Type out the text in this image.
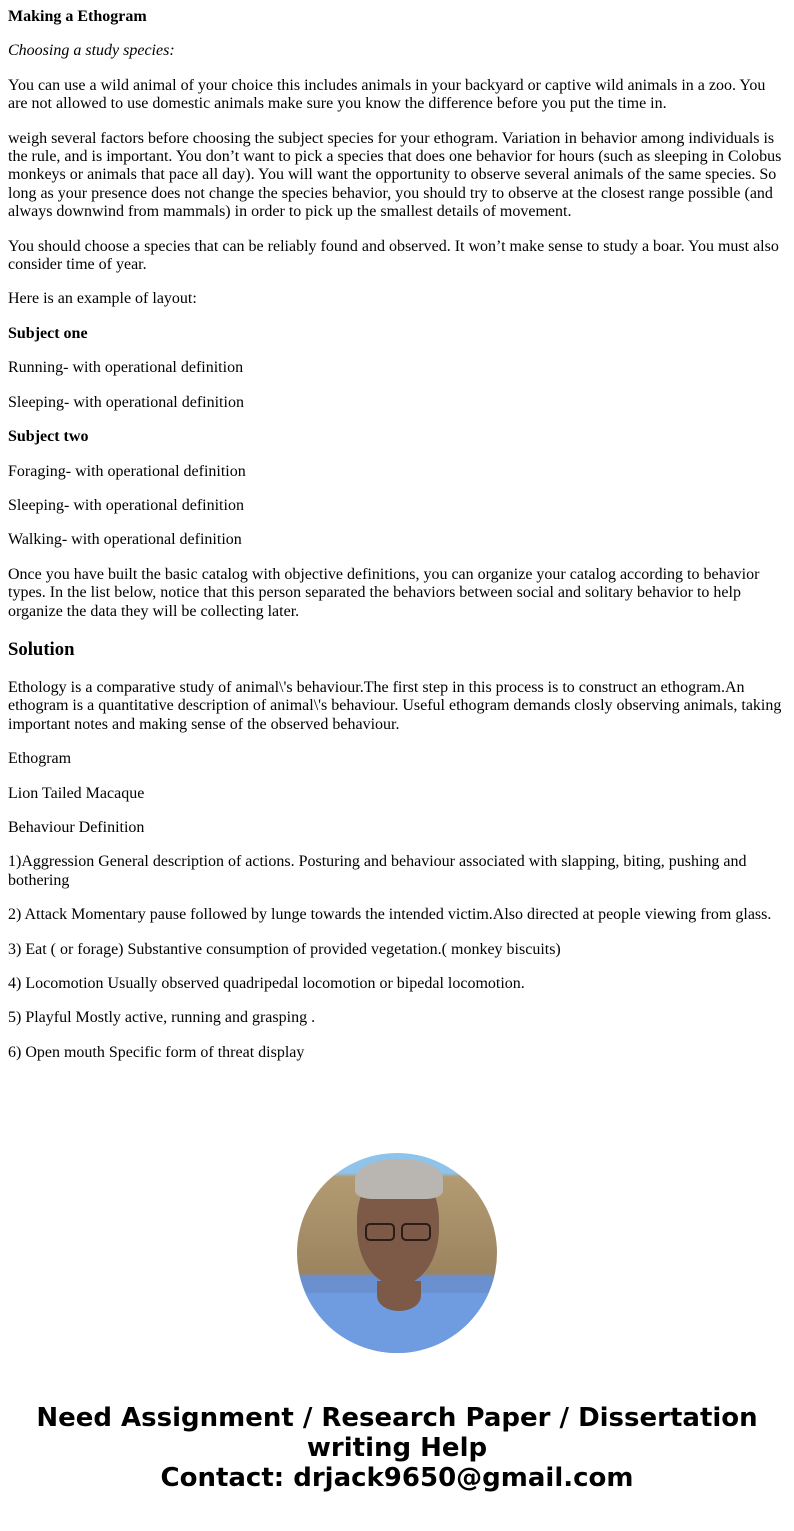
Making a Ethogram

Choosing a study species:

You can use a wild animal of your choice this includes animals in your backyard or captive wild animals in a zoo. You are not allowed to use domestic animals make sure you know the difference before you put the time in.

weigh several factors before choosing the subject species for your ethogram. Variation in behavior among individuals is the rule, and is important. You don’t want to pick a species that does one behavior for hours (such as sleeping in Colobus monkeys or animals that pace all day). You will want the opportunity to observe several animals of the same species. So long as your presence does not change the species behavior, you should try to observe at the closest range possible (and always downwind from mammals) in order to pick up the smallest details of movement.

You should choose a species that can be reliably found and observed. It won’t make sense to study a boar. You must also consider time of year.

Here is an example of layout:

Subject one

Running- with operational definition

Sleeping- with operational definition

Subject two

Foraging- with operational definition

Sleeping- with operational definition

Walking- with operational definition

Once you have built the basic catalog with objective definitions, you can organize your catalog according to behavior types. In the list below, notice that this person separated the behaviors between social and solitary behavior to help organize the data they will be collecting later.

Solution

Ethology is a comparative study of animal\'s behaviour.The first step in this process is to construct an ethogram.An ethogram is a quantitative description of animal\'s behaviour. Useful ethogram demands closly observing animals, taking important notes and making sense of the observed behaviour.

Ethogram

Lion Tailed Macaque

Behaviour Definition

1)Aggression General description of actions. Posturing and behaviour associated with slapping, biting, pushing and bothering

2) Attack Momentary pause followed by lunge towards the intended victim.Also directed at people viewing from glass.

3) Eat ( or forage) Substantive consumption of provided vegetation.( monkey biscuits)

4) Locomotion Usually observed quadripedal locomotion or bipedal locomotion.

5) Playful Mostly active, running and grasping .

6) Open mouth Specific form of threat display

Need Assignment / Research Paper / Dissertation writing Help
Contact: drjack9650@gmail.com
